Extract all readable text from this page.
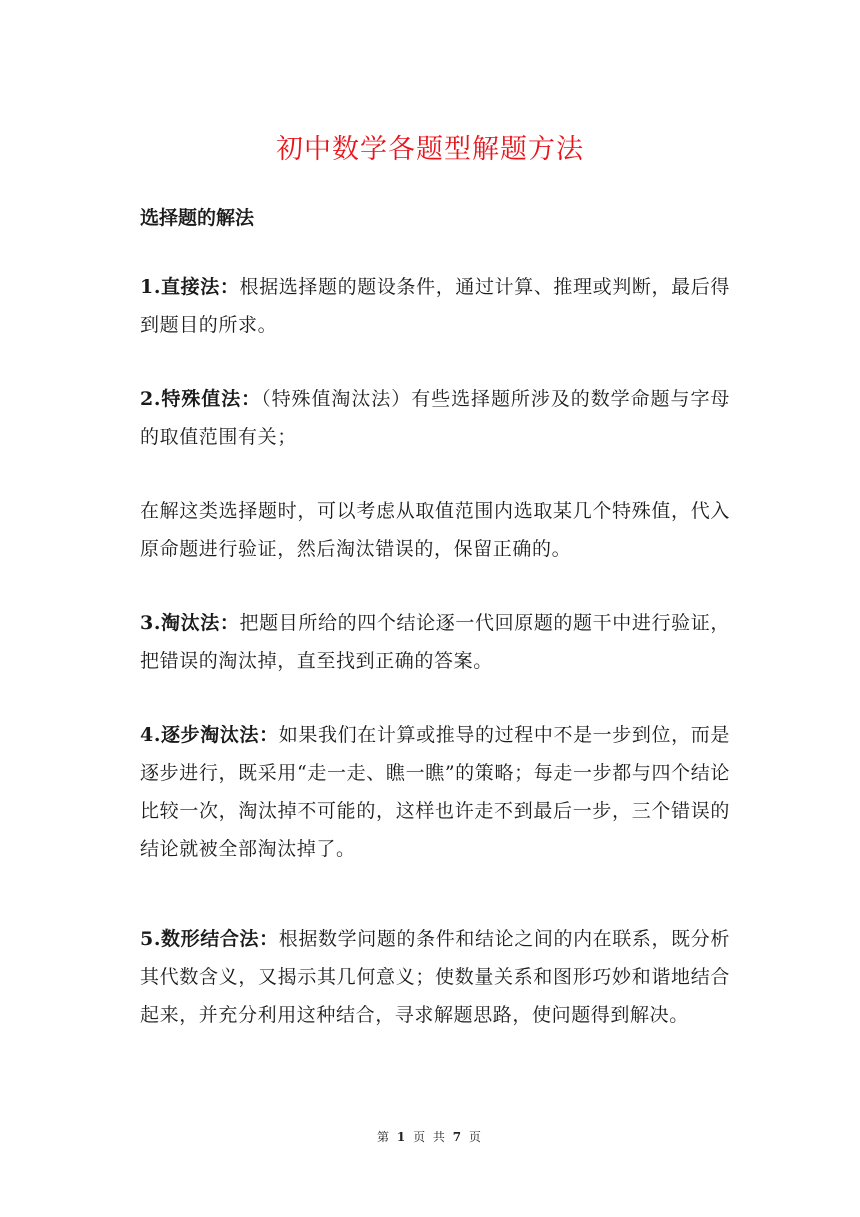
初中数学各题型解题方法
选择题的解法
1.直接法：根据选择题的题设条件，通过计算、推理或判断，最后得到题目的所求。
2.特殊值法：（特殊值淘汰法）有些选择题所涉及的数学命题与字母的取值范围有关；
在解这类选择题时，可以考虑从取值范围内选取某几个特殊值，代入原命题进行验证，然后淘汰错误的，保留正确的。
3.淘汰法：把题目所给的四个结论逐一代回原题的题干中进行验证，把错误的淘汰掉，直至找到正确的答案。
4.逐步淘汰法：如果我们在计算或推导的过程中不是一步到位，而是逐步进行，既采用“走一走、瞧一瞧”的策略；每走一步都与四个结论比较一次，淘汰掉不可能的，这样也许走不到最后一步，三个错误的结论就被全部淘汰掉了。
5.数形结合法：根据数学问题的条件和结论之间的内在联系，既分析其代数含义，又揭示其几何意义；使数量关系和图形巧妙和谐地结合起来，并充分利用这种结合，寻求解题思路，使问题得到解决。
第 1 页 共 7 页
